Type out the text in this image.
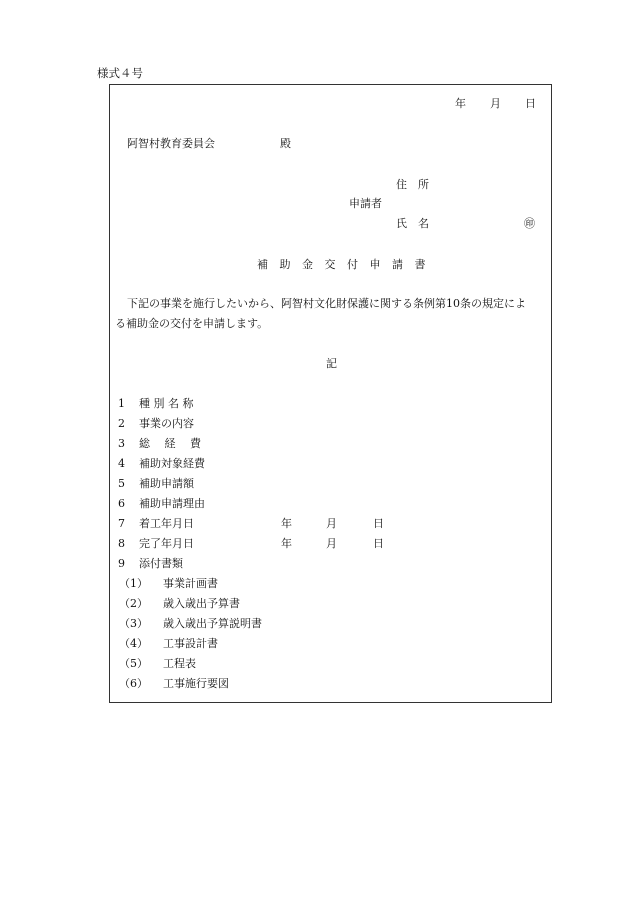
様式４号
年 月 日
阿智村教育委員会	殿
住　所
申請者
氏　名	㊞
補 助 金 交 付 申 請 書
下記の事業を施行したいから、阿智村文化財保護に関する条例第10条の規定によ
る補助金の交付を申請します。
記
1 種 別 名 称
2 事業の内容
3 総　 経　 費
4 補助対象経費
5 補助申請額
6 補助申請理由
7 着工年月日	年	月	日
8 完了年月日	年	月	日
9 添付書類
（1） 事業計画書
（2） 歳入歳出予算書
（3） 歳入歳出予算説明書
（4） 工事設計書
（5） 工程表
（6） 工事施行要図
